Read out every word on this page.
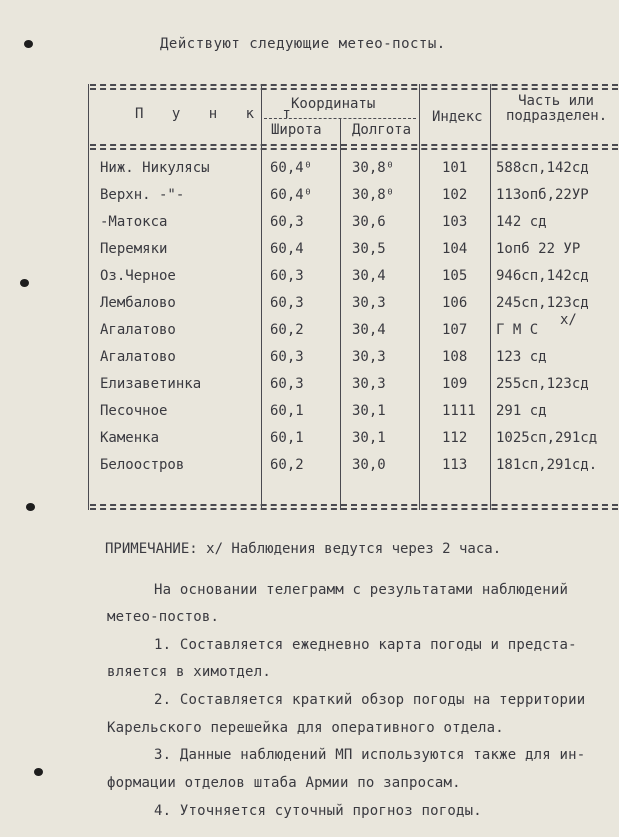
Действуют следующие метео-посты.
П у н к т
Координаты
Широта Долгота
Индекс
Часть или подразделен.
Ниж. Никулясы	60,4⁰	30,8⁰	101 588сп,142сд
Верхн. -"-	60,4⁰	30,8⁰	102 113опб,22УР
-Матокса	60,3	30,6	103 142 сд
Перемяки	60,4	30,5	104 1опб 22 УР
Оз.Черное	60,3	30,4	105 946сп,142сд
Лембалово	60,3	30,3	106 245сп,123сд
Агалатово	60,2	30,4	107 Г М С
Агалатово	60,3	30,3	108 123 сд
Елизаветинка	60,3	30,3	109 255сп,123сд
Песочное	60,1	30,1	1111 291 сд
Каменка	60,1	30,1	112 1025сп,291сд
Белоостров	60,2	30,0	113 181сп,291сд.
х/
ПРИМЕЧАНИЕ: х/ Наблюдения ведутся через 2 часа.
На основании телеграмм с результатами наблюдений
метео-постов.
1. Составляется ежедневно карта погоды и предста-
вляется в химотдел.
2. Составляется краткий обзор погоды на территории
Карельского перешейка для оперативного отдела.
3. Данные наблюдений МП используются также для ин-
формации отделов штаба Армии по запросам.
4. Уточняется суточный прогноз погоды.
